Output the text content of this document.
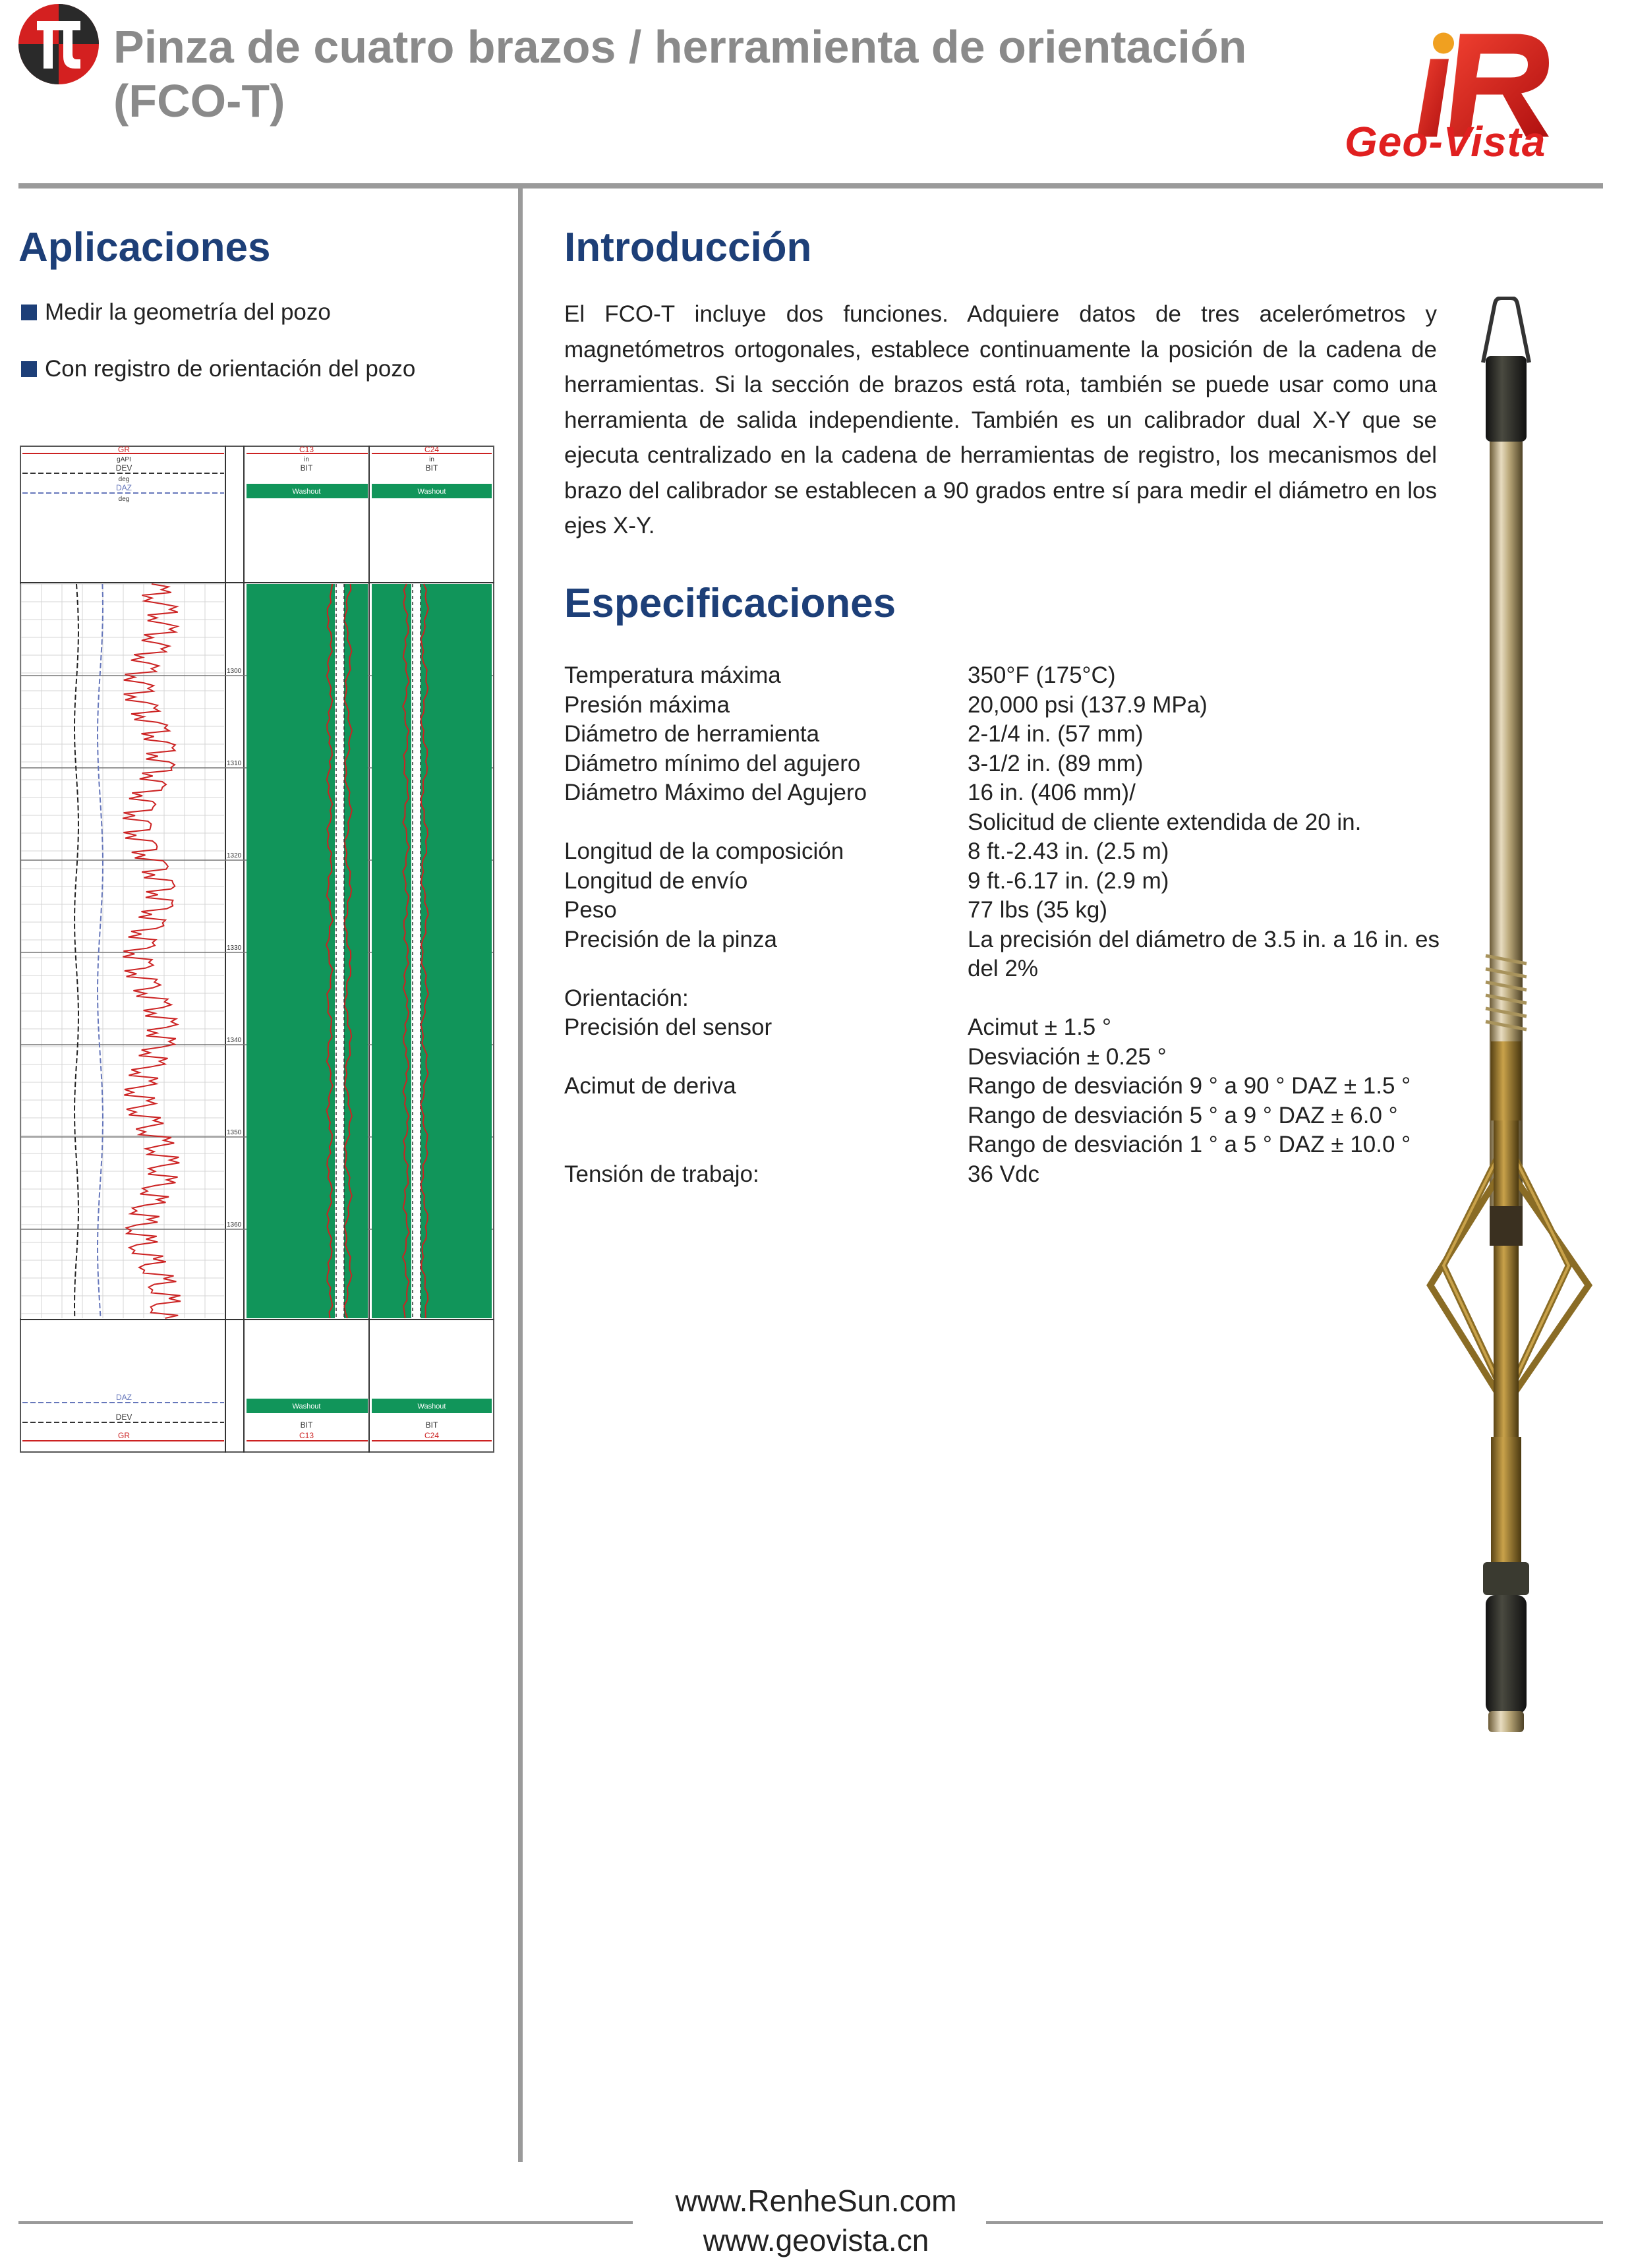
Pinza de cuatro brazos / herramienta de orientación
(FCO-T)
Geo-Vista
Aplicaciones
Medir la geometría del pozo
Con registro de orientación del pozo
GR
gAPI
DEV
deg
DAZ
deg
C13
in
BIT
Washout
C24
in
BIT
Washout
1300
1310
1320
1330
1340
1350
1360
DAZ
DEV
GR
Washout
BIT
C13
Washout
BIT
C24
Introducción
El FCO-T incluye dos funciones. Adquiere datos de tres acelerómetros y magnetómetros ortogonales, establece continuamente la posición de la cadena de herramientas. Si la sección de brazos está rota, también se puede usar como una herramienta de salida independiente. También es un calibrador dual X-Y que se ejecuta centralizado en la cadena de herramientas de registro, los mecanismos del brazo del calibrador se establecen a 90 grados entre sí para medir el diámetro en los ejes X-Y.
Especificaciones
Temperatura máxima	350°F (175°C)
Presión máxima	20,000 psi (137.9 MPa)
Diámetro de herramienta	2-1/4 in. (57 mm)
Diámetro mínimo del agujero	3-1/2 in. (89 mm)
Diámetro Máximo del Agujero	16 in. (406 mm)/
Solicitud de cliente extendida de 20 in.
Longitud de la composición	8 ft.-2.43 in. (2.5 m)
Longitud de envío	9 ft.-6.17 in. (2.9 m)
Peso	77 lbs (35 kg)
Precisión de la pinza	La precisión del diámetro de 3.5 in. a 16 in. es
del 2%
Orientación:
Precisión del sensor	Acimut ± 1.5 °
Desviación ± 0.25 °
Acimut de deriva	Rango de desviación 9 ° a 90 ° DAZ ± 1.5 °
Rango de desviación 5 ° a 9 ° DAZ ± 6.0 °
Rango de desviación 1 ° a 5 ° DAZ ± 10.0 °
Tensión de trabajo:	36 Vdc
www.RenheSun.com
www.geovista.cn
